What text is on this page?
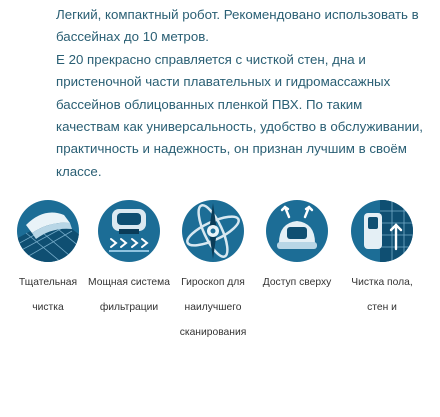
Легкий, компактный робот. Рекомендовано использовать в бассейнах до 10 метров.

Е 20 прекрасно справляется с чисткой стен, дна и пристеночной части плавательных и гидромассажных бассейнов облицованных пленкой ПВХ. По таким качествам как универсальность, удобство в обслуживании, практичность и надежность, он признан лучшим в своём классе.

Тщательная чистка
Мощная система фильтрации
Гироскоп для наилучшего сканирования
Доступ сверху	Чистка пола, стен и
